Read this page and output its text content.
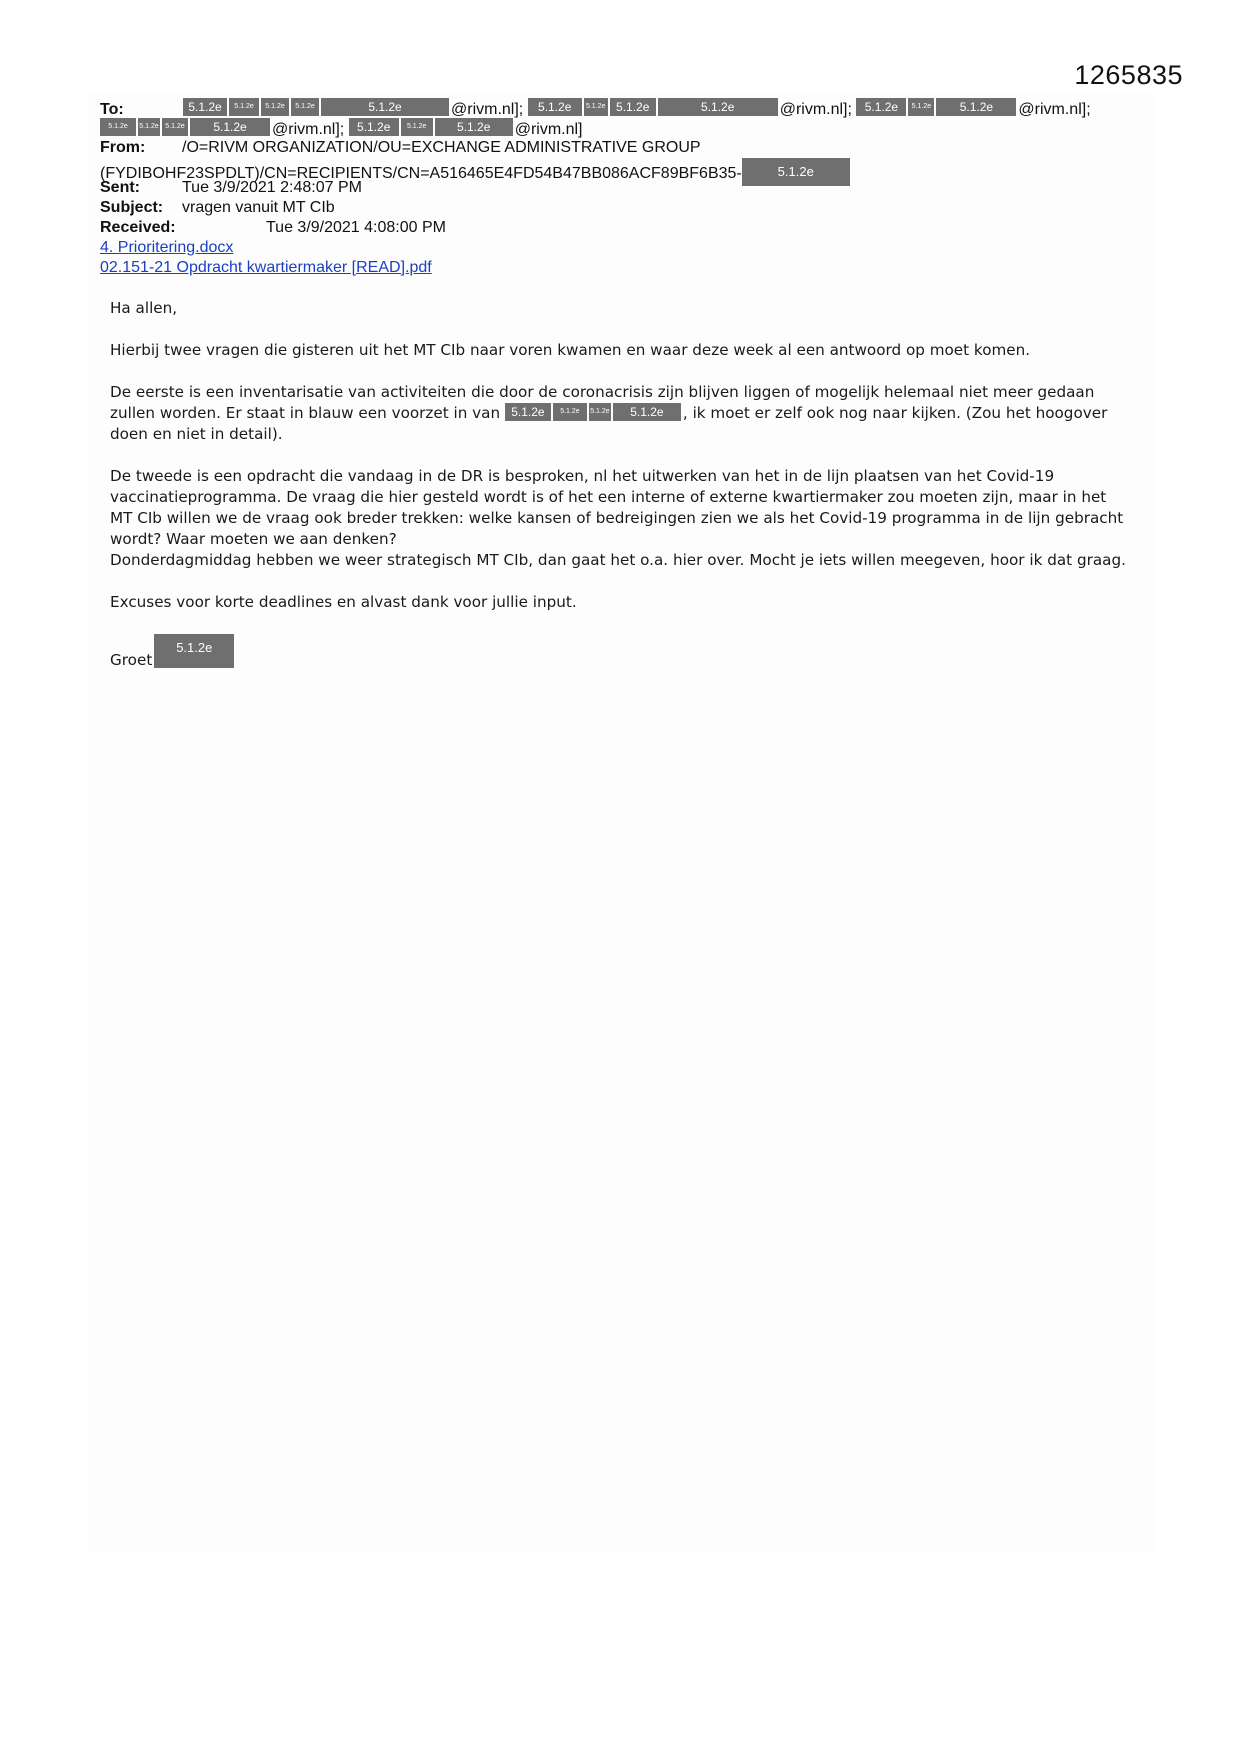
1265835
To:	5.1.2e 5.1.2e 5.1.2e 5.1.2e	5.1.2e	@rivm.nl]; 5.1.2e 5.1.2e 5.1.2e	5.1.2e	@rivm.nl]; 5.1.2e 5.1.2e 5.1.2e @rivm.nl];
5.1.2e 5.1.2e 5.1.2e 5.1.2e @rivm.nl]; 5.1.2e 5.1.2e	5.1.2e @rivm.nl]
From: /O=RIVM ORGANIZATION/OU=EXCHANGE ADMINISTRATIVE GROUP
(FYDIBOHF23SPDLT)/CN=RECIPIENTS/CN=A516465E4FD54B47BB086ACF89BF6B35-	5.1.2e
Sent:	Tue 3/9/2021 2:48:07 PM
Subject: vragen vanuit MT CIb
Received:	Tue 3/9/2021 4:08:00 PM
4. Prioritering.docx
02.151-21 Opdracht kwartiermaker [READ].pdf

Ha allen,

Hierbij twee vragen die gisteren uit het MT CIb naar voren kwamen en waar deze week al een antwoord op moet komen.

De eerste is een inventarisatie van activiteiten die door de coronacrisis zijn blijven liggen of mogelijk helemaal niet meer gedaan zullen worden. Er staat in blauw een voorzet in van 5.1.2e 5.1.2e 5.1.2e 5.1.2e , ik moet er zelf ook nog naar kijken. (Zou het hoogover doen en niet in detail).

De tweede is een opdracht die vandaag in de DR is besproken, nl het uitwerken van het in de lijn plaatsen van het Covid-19 vaccinatieprogramma. De vraag die hier gesteld wordt is of het een interne of externe kwartiermaker zou moeten zijn, maar in het MT CIb willen we de vraag ook breder trekken: welke kansen of bedreigingen zien we als het Covid-19 programma in de lijn gebracht wordt? Waar moeten we aan denken?

Donderdagmiddag hebben we weer strategisch MT CIb, dan gaat het o.a. hier over. Mocht je iets willen meegeven, hoor ik dat graag.

Excuses voor korte deadlines en alvast dank voor jullie input.

Groet5.1.2e
